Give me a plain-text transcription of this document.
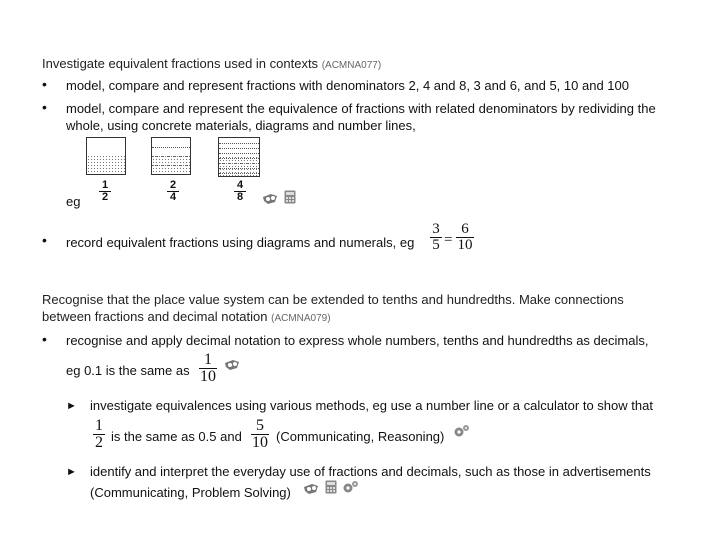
Investigate equivalent fractions used in contexts (ACMNA077)
• model, compare and represent fractions with denominators 2, 4 and 8, 3 and 6, and 5, 10 and 100
• model, compare and represent the equivalence of fractions with related denominators by redividing the
whole, using concrete materials, diagrams and number lines,
1
2
2
4
4
8
eg
• record equivalent fractions using diagrams and numerals, eg
3
5 =
6
10
Recognise that the place value system can be extended to tenths and hundredths. Make connections
between fractions and decimal notation (ACMNA079)
• recognise and apply decimal notation to express whole numbers, tenths and hundredths as decimals,
eg 0.1 is the same as
1
10
► investigate equivalences using various methods, eg use a number line or a calculator to show that
1
2 is the same as 0.5 and
5
10 (Communicating, Reasoning)
► identify and interpret the everyday use of fractions and decimals, such as those in advertisements
(Communicating, Problem Solving)
